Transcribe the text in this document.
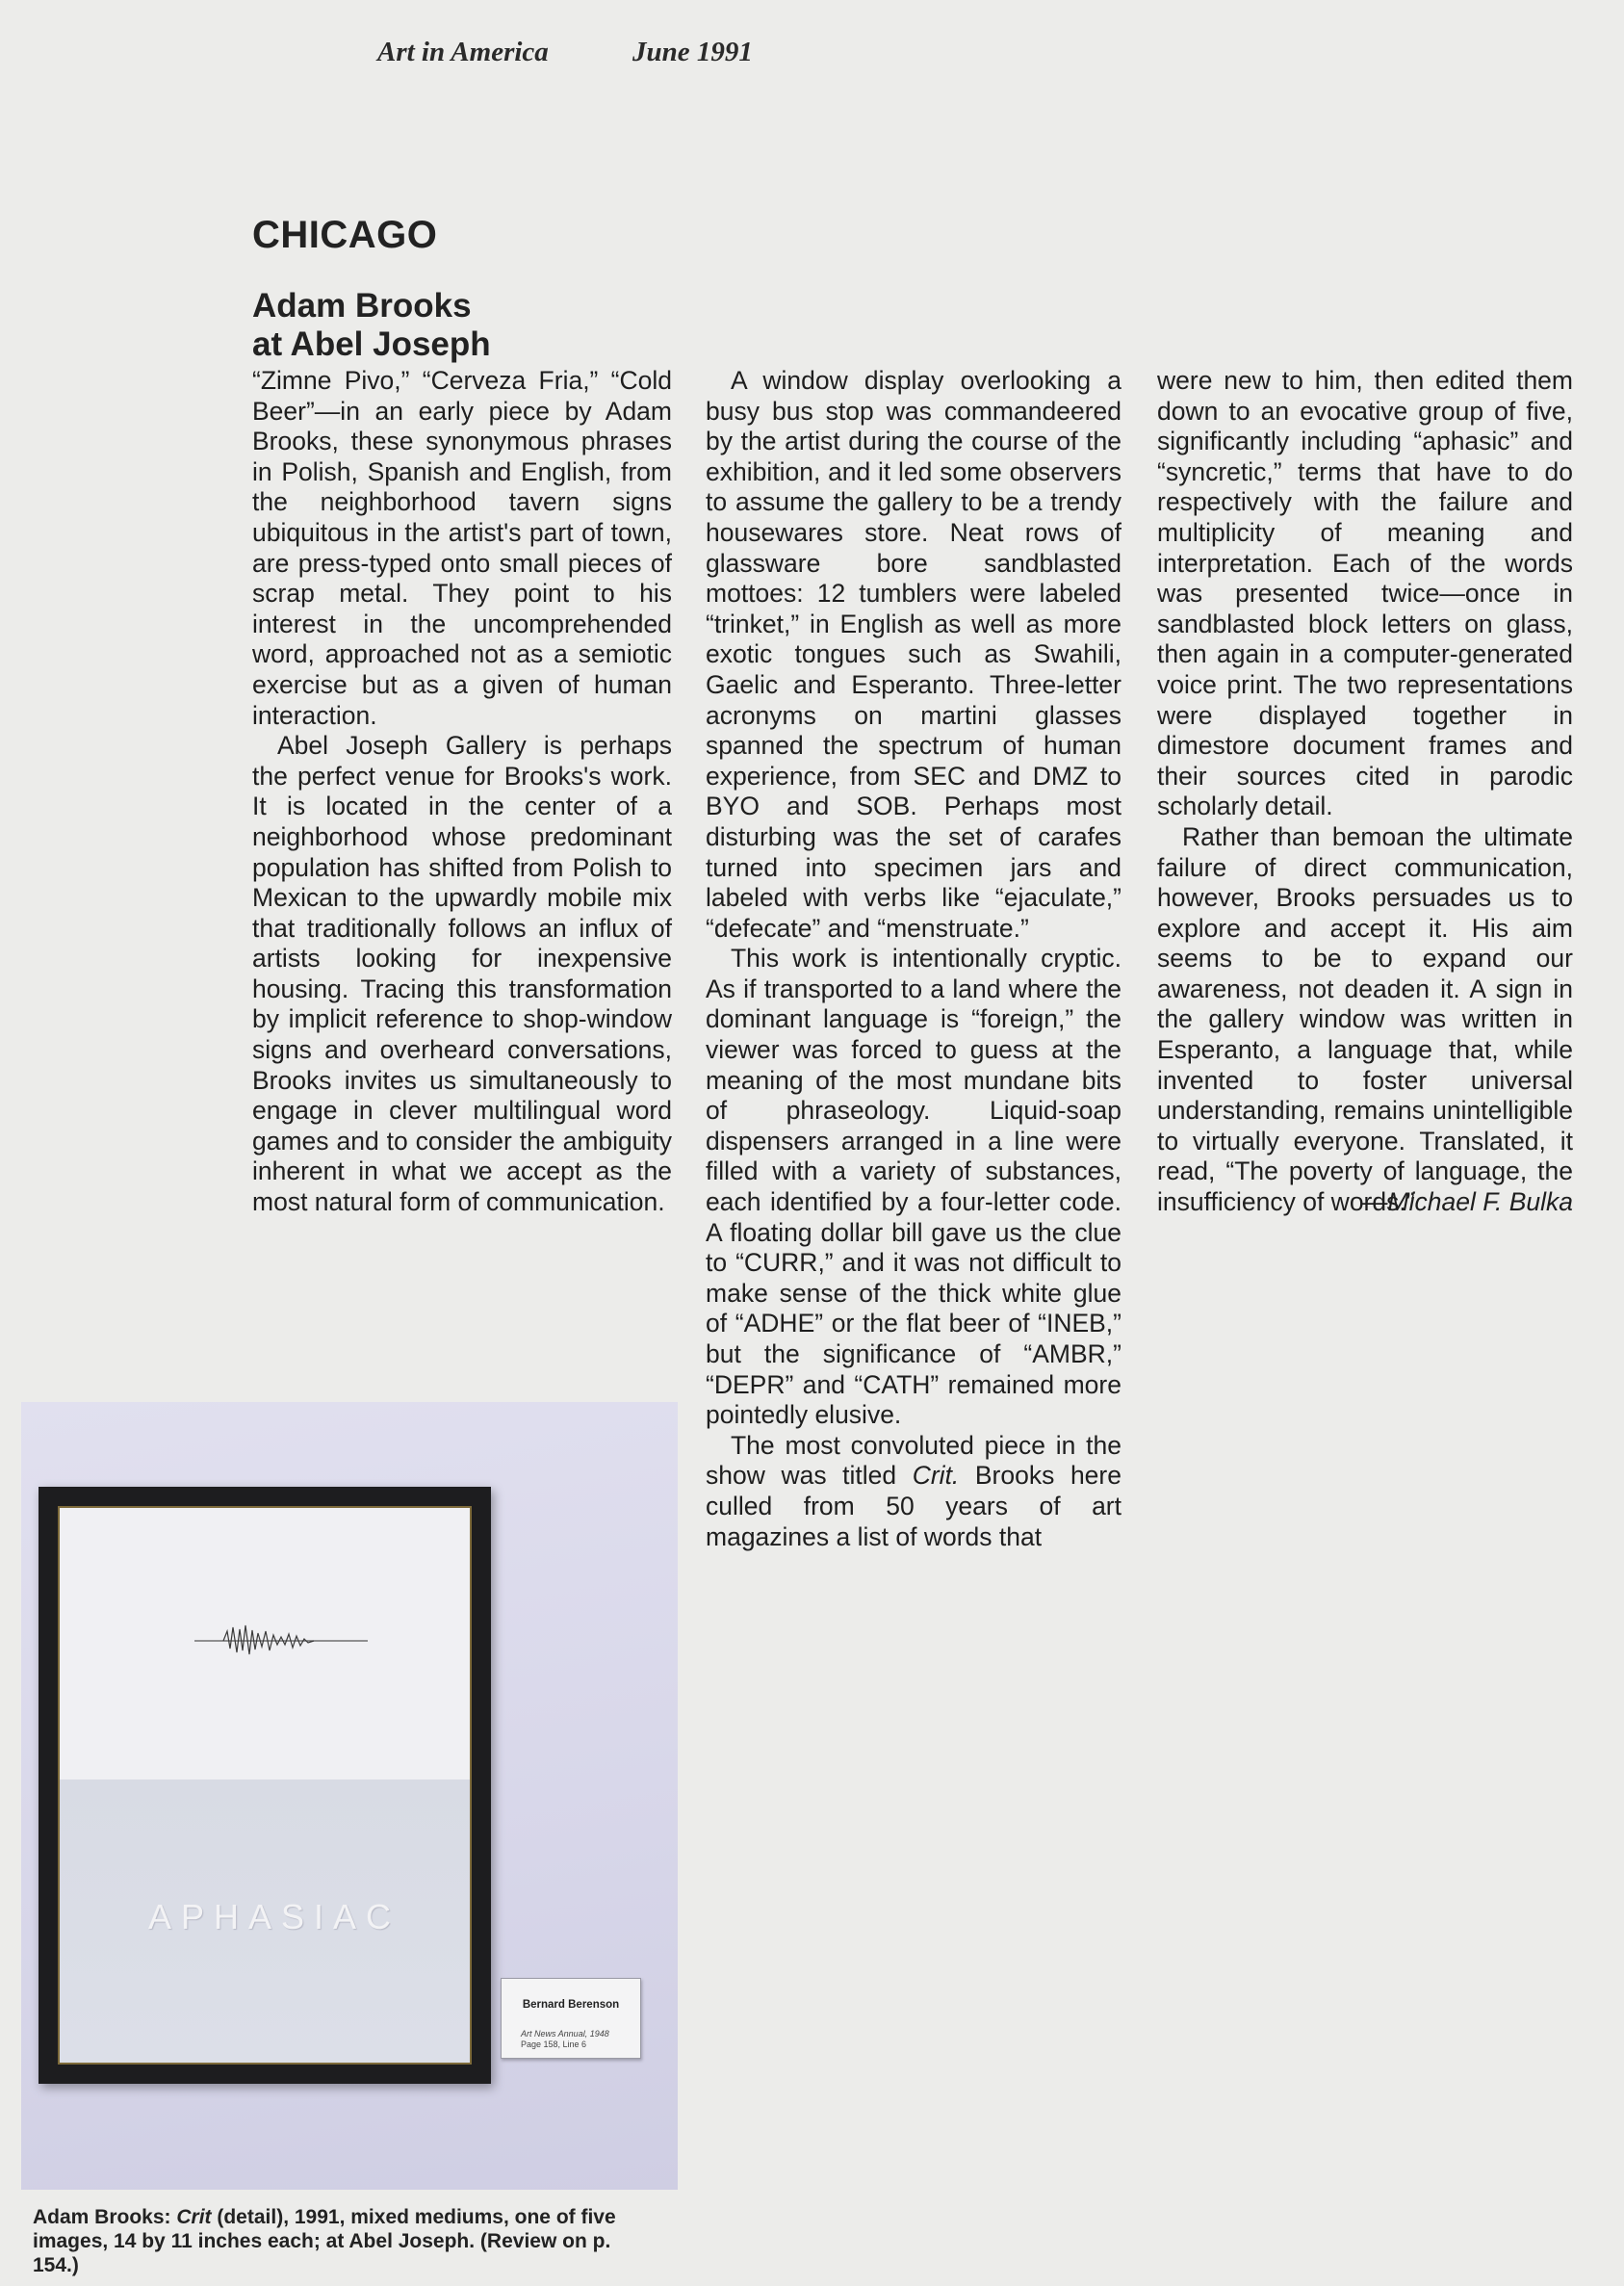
Art in America	June 1991
CHICAGO
Adam Brooks
at Abel Joseph

“Zimne Pivo,” “Cerveza Fria,” “Cold Beer”—in an early piece by Adam Brooks, these synonymous phrases in Polish, Spanish and English, from the neighborhood tavern signs ubiquitous in the artist's part of town, are press-typed onto small pieces of scrap metal. They point to his interest in the uncomprehended word, approached not as a semiotic exercise but as a given of human interaction.

Abel Joseph Gallery is perhaps the perfect venue for Brooks's work. It is located in the center of a neighborhood whose predominant population has shifted from Polish to Mexican to the upwardly mobile mix that traditionally follows an influx of artists looking for inexpensive housing. Tracing this transformation by implicit reference to shop-window signs and overheard conversations, Brooks invites us simultaneously to engage in clever multilingual word games and to consider the ambiguity inherent in what we accept as the most natural form of communication.

A window display overlooking a busy bus stop was commandeered by the artist during the course of the exhibition, and it led some observers to assume the gallery to be a trendy housewares store. Neat rows of glassware bore sandblasted mottoes: 12 tumblers were labeled “trinket,” in English as well as more exotic tongues such as Swahili, Gaelic and Esperanto. Three-letter acronyms on martini glasses spanned the spectrum of human experience, from SEC and DMZ to BYO and SOB. Perhaps most disturbing was the set of carafes turned into specimen jars and labeled with verbs like “ejaculate,” “defecate” and “menstruate.”

This work is intentionally cryptic. As if transported to a land where the dominant language is “foreign,” the viewer was forced to guess at the meaning of the most mundane bits of phraseology. Liquid-soap dispensers arranged in a line were filled with a variety of substances, each identified by a four-letter code. A floating dollar bill gave us the clue to “CURR,” and it was not difficult to make sense of the thick white glue of “ADHE” or the flat beer of “INEB,” but the significance of “AMBR,” “DEPR” and “CATH” remained more pointedly elusive.

The most convoluted piece in the show was titled Crit. Brooks here culled from 50 years of art magazines a list of words that

were new to him, then edited them down to an evocative group of five, significantly including “aphasic” and “syncretic,” terms that have to do respectively with the failure and multiplicity of meaning and interpretation. Each of the words was presented twice—once in sandblasted block letters on glass, then again in a computer-generated voice print. The two representations were displayed together in dimestore document frames and their sources cited in parodic scholarly detail.

Rather than bemoan the ultimate failure of direct communication, however, Brooks persuades us to explore and accept it. His aim seems to be to expand our awareness, not deaden it. A sign in the gallery window was written in Esperanto, a language that, while invented to foster universal understanding, remains unintelligible to virtually everyone. Translated, it read, “The poverty of language, the insufficiency of words.”

—Michael F. Bulka
APHASIAC
Bernard Berenson
Art News Annual, 1948
Page 158, Line 6
Adam Brooks: Crit (detail), 1991, mixed mediums, one of five images, 14 by 11 inches each; at Abel Joseph. (Review on p. 154.)
